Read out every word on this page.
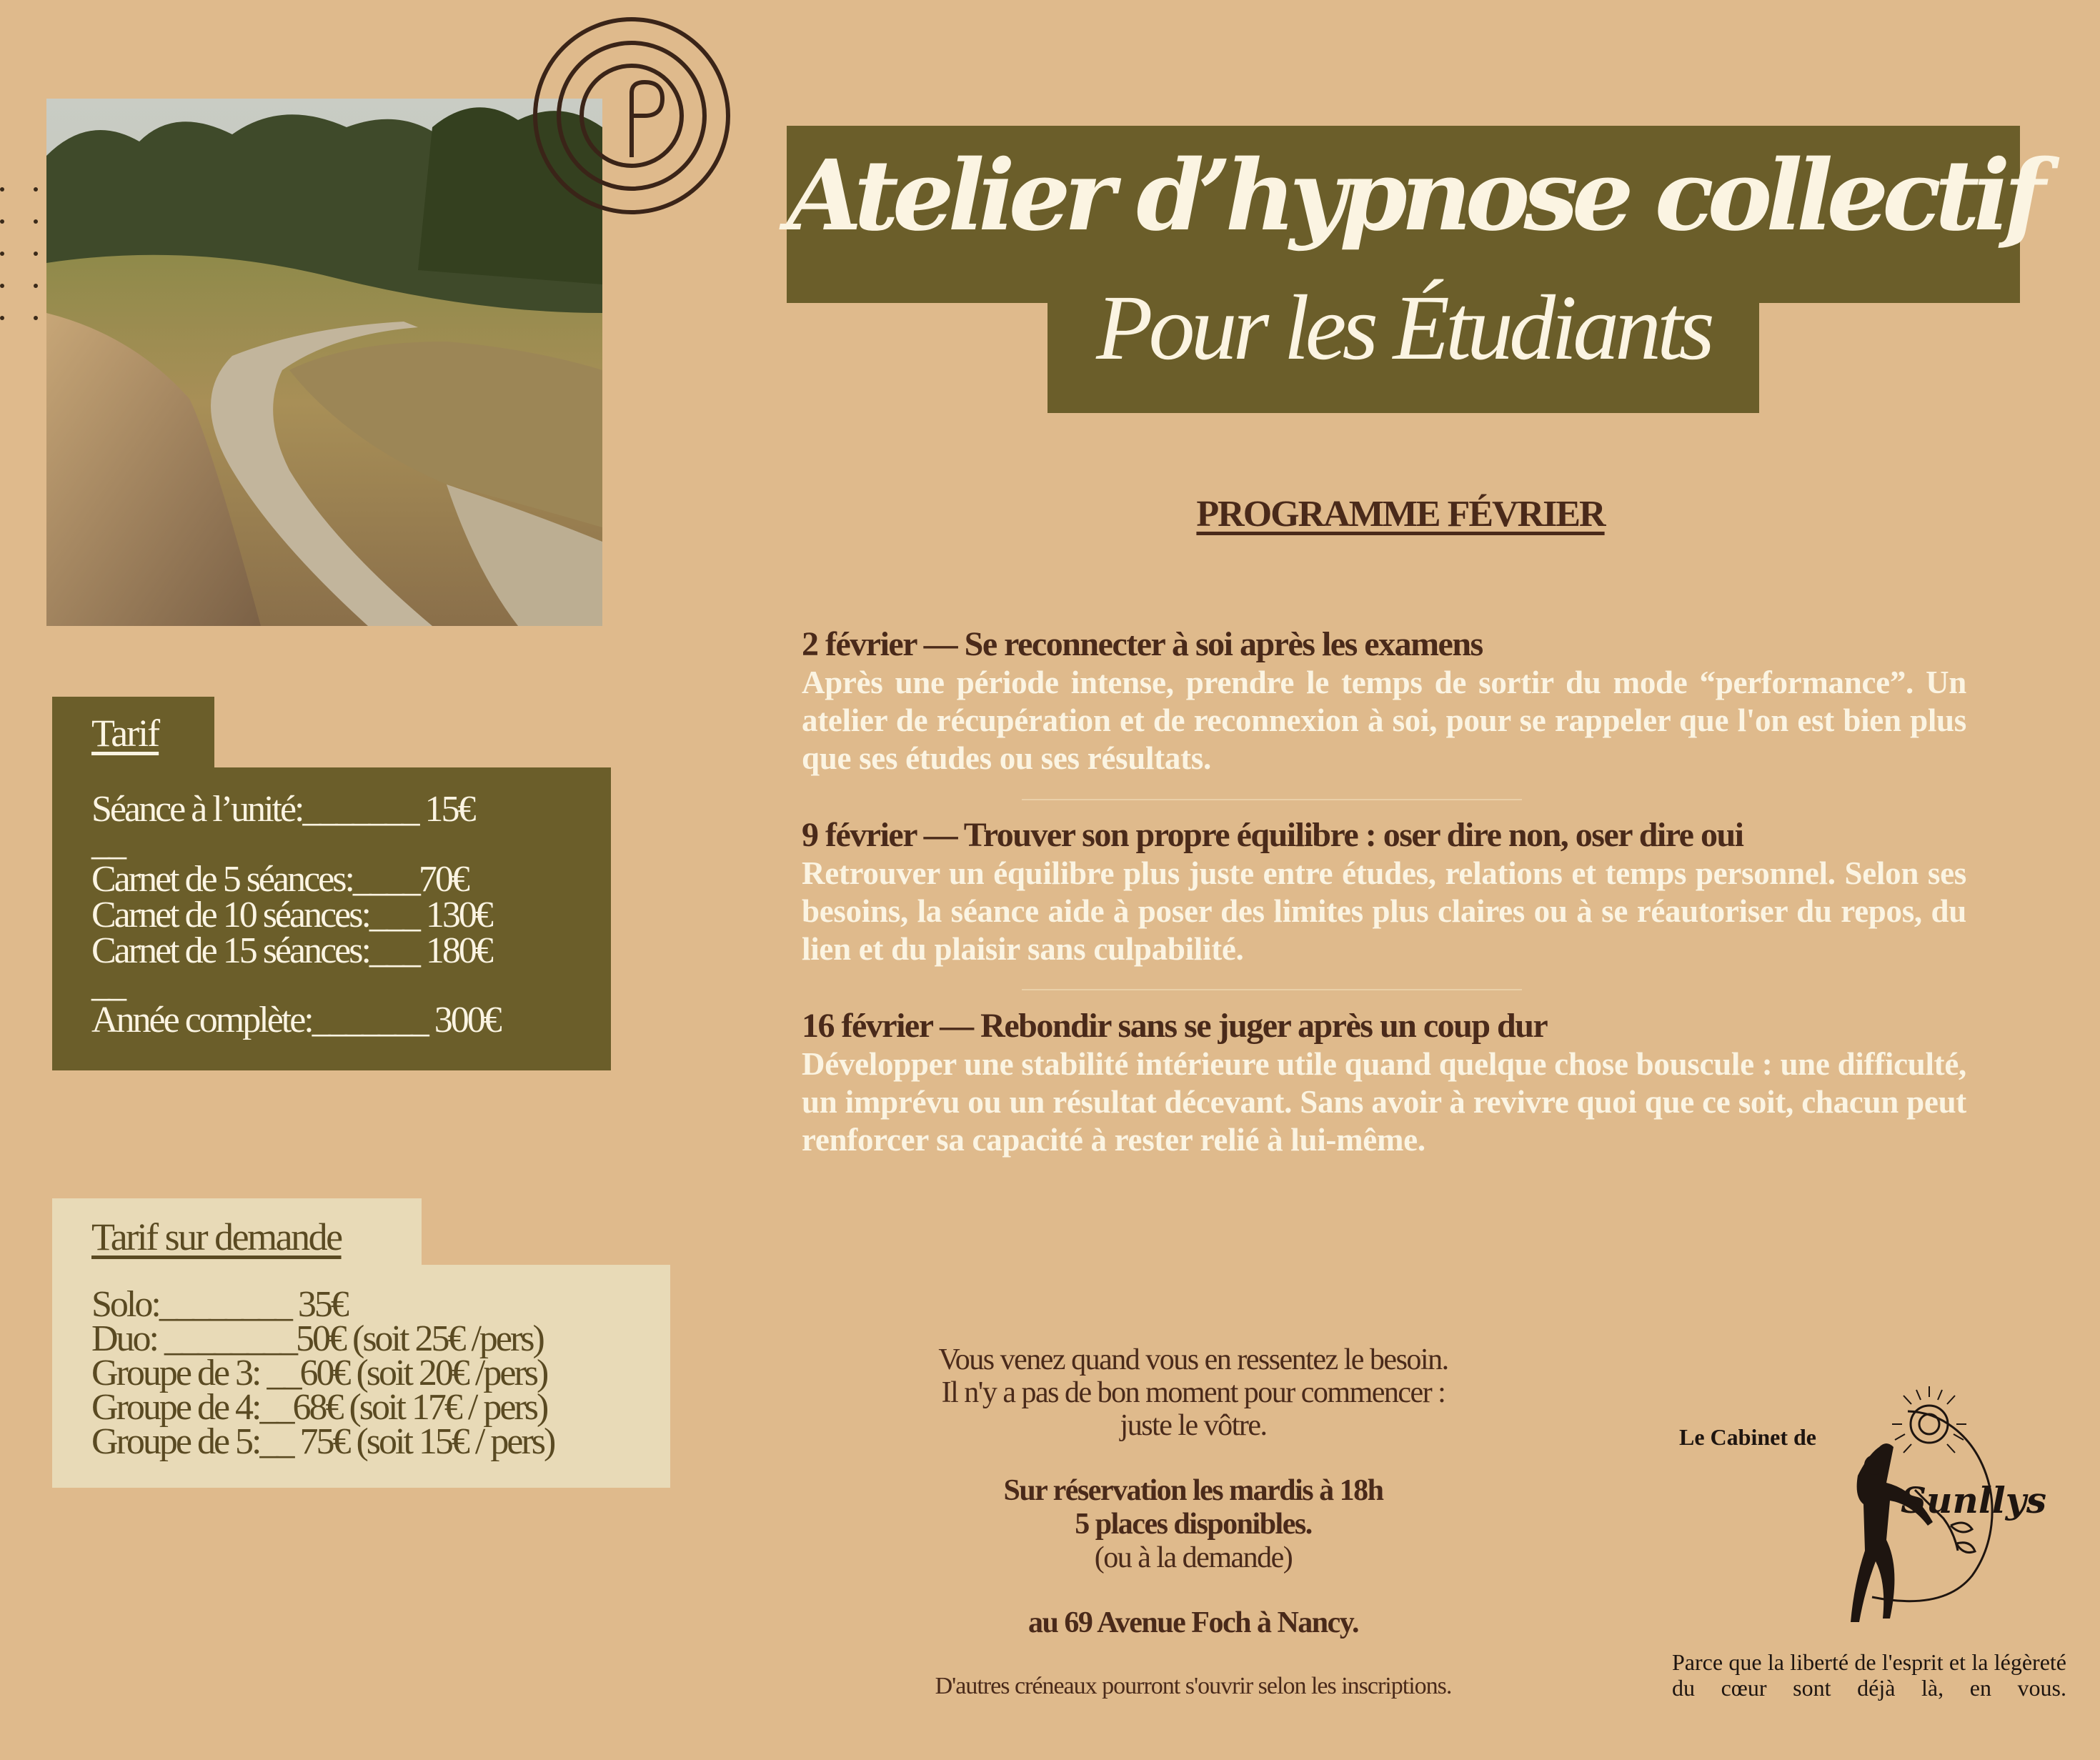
Atelier d’hypnose collectif
Pour les Étudiants
PROGRAMME FÉVRIER
2 février — Se reconnecter à soi après les examens
Après une période intense, prendre le temps de sortir du mode “performance”. Un atelier de récupération et de reconnexion à soi, pour se rappeler que l'on est bien plus que ses études ou ses résultats.
9 février — Trouver son propre équilibre : oser dire non, oser dire oui
Retrouver un équilibre plus juste entre études, relations et temps personnel. Selon ses besoins, la séance aide à poser des limites plus claires ou à se réautoriser du repos, du lien et du plaisir sans culpabilité.
16 février — Rebondir sans se juger après un coup dur
Développer une stabilité intérieure utile quand quelque chose bouscule : une difficulté, un imprévu ou un résultat décevant. Sans avoir à revivre quoi que ce soit, chacun peut renforcer sa capacité à rester relié à lui-même.
Tarif
Séance à l’unité:_______ 15€
__
Carnet de 5 séances:____70€
Carnet de 10 séances:___ 130€
Carnet de 15 séances:___ 180€
__
Année complète:_______ 300€
Tarif sur demande
Solo:________ 35€
Duo: ________50€ (soit 25€ /pers)
Groupe de 3: __60€ (soit 20€ /pers)
Groupe de 4:__68€ (soit 17€ / pers)
Groupe de 5:__ 75€ (soit 15€ / pers)
Vous venez quand vous en ressentez le besoin.
Il n'y a pas de bon moment pour commencer :
juste le vôtre.
Sur réservation les mardis à 18h
5 places disponibles.
(ou à la demande)
au 69 Avenue Foch à Nancy.
D'autres créneaux pourront s'ouvrir selon les inscriptions.
Le Cabinet de
Sunllys
Parce que la liberté de l'esprit et la légèreté du cœur sont déjà là, en vous.
